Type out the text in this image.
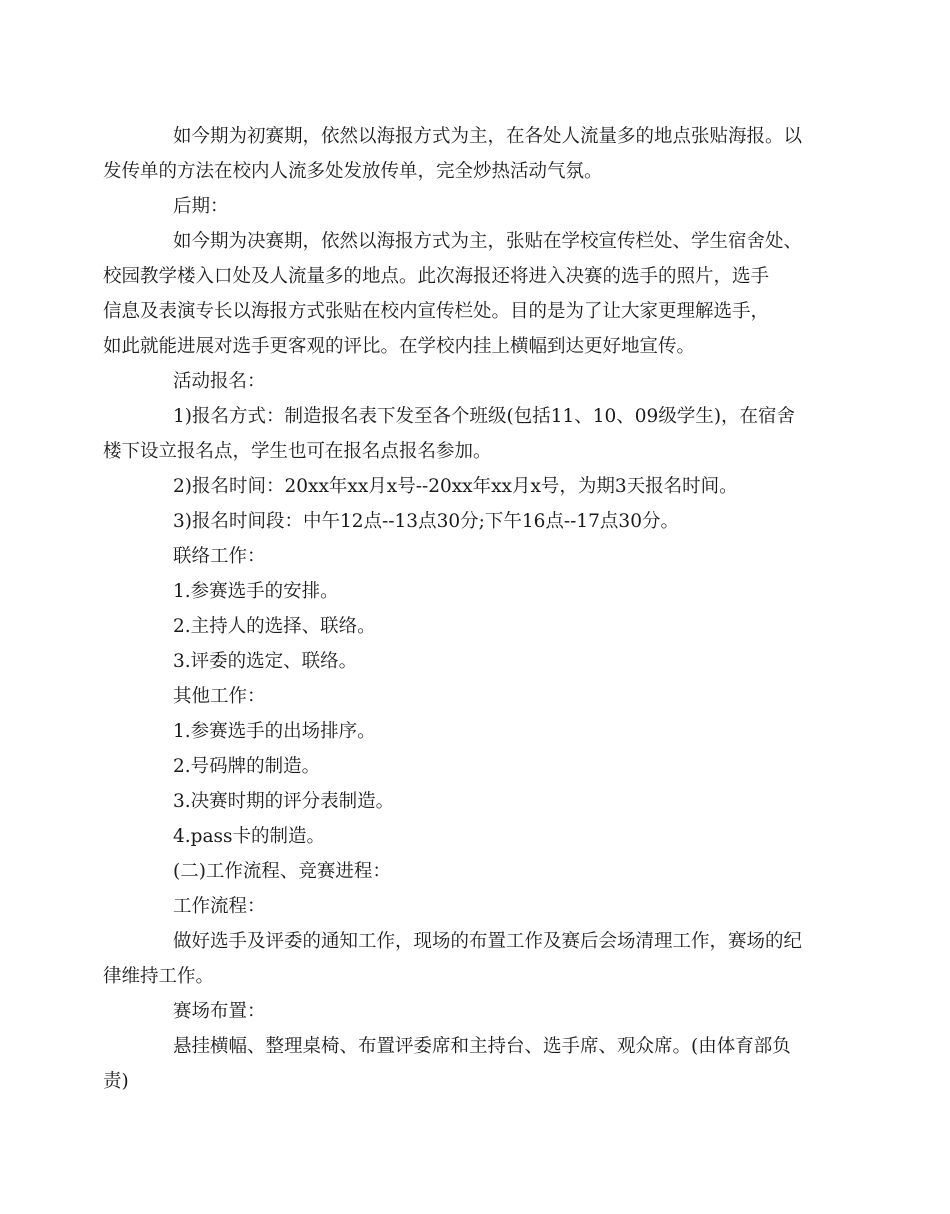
如今期为初赛期，依然以海报方式为主，在各处人流量多的地点张贴海报。以
发传单的方法在校内人流多处发放传单，完全炒热活动气氛。

后期：

如今期为决赛期，依然以海报方式为主，张贴在学校宣传栏处、学生宿舍处、
校园教学楼入口处及人流量多的地点。此次海报还将进入决赛的选手的照片，选手
信息及表演专长以海报方式张贴在校内宣传栏处。目的是为了让大家更理解选手，
如此就能进展对选手更客观的评比。在学校内挂上横幅到达更好地宣传。

活动报名：

1)报名方式：制造报名表下发至各个班级(包括11、10、09级学生)，在宿舍
楼下设立报名点，学生也可在报名点报名参加。

2)报名时间：20xx年xx月x号--20xx年xx月x号，为期3天报名时间。

3)报名时间段：中午12点--13点30分;下午16点--17点30分。

联络工作：

1.参赛选手的安排。

2.主持人的选择、联络。

3.评委的选定、联络。

其他工作：

1.参赛选手的出场排序。

2.号码牌的制造。

3.决赛时期的评分表制造。

4.pass卡的制造。

(二)工作流程、竞赛进程：

工作流程：

做好选手及评委的通知工作，现场的布置工作及赛后会场清理工作，赛场的纪
律维持工作。

赛场布置：

悬挂横幅、整理桌椅、布置评委席和主持台、选手席、观众席。(由体育部负
责)
